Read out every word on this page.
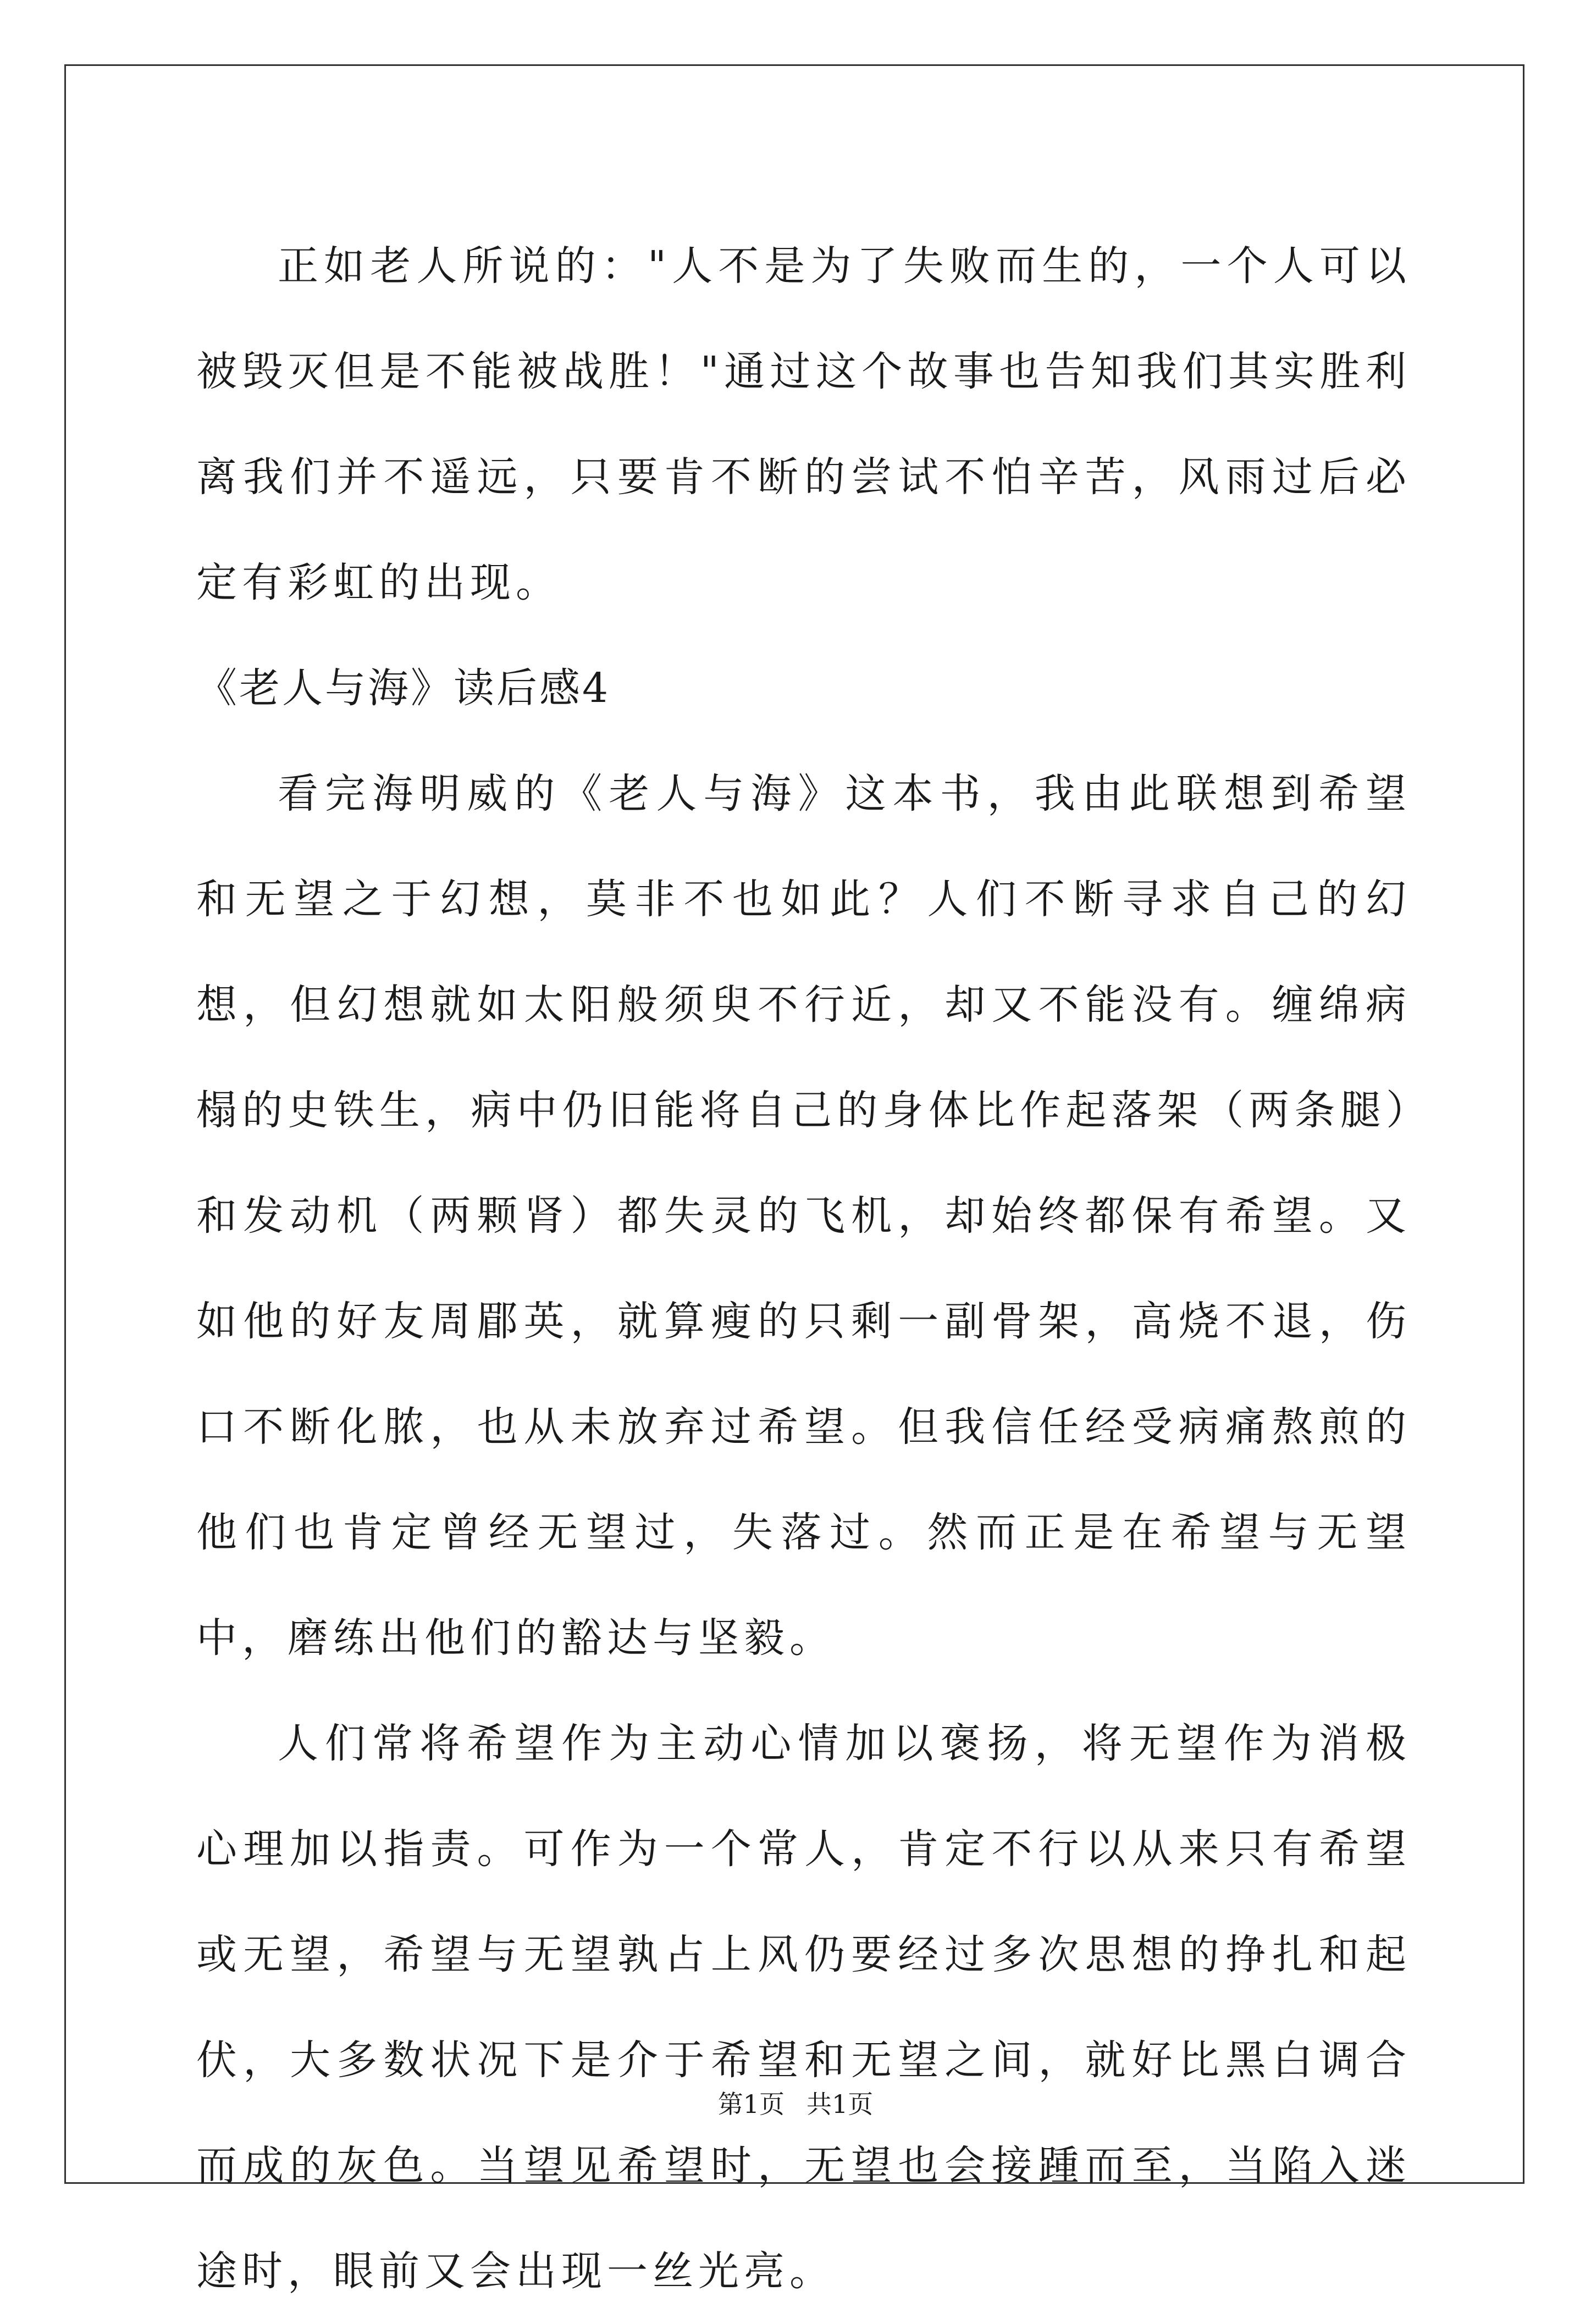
正如老人所说的："人不是为了失败而生的，一个人可以被毁灭但是不能被战胜！"通过这个故事也告知我们其实胜利离我们并不遥远，只要肯不断的尝试不怕辛苦，风雨过后必定有彩虹的出现。

《老人与海》读后感4

看完海明威的《老人与海》这本书，我由此联想到希望和无望之于幻想，莫非不也如此？人们不断寻求自己的幻想，但幻想就如太阳般须臾不行近，却又不能没有。缠绵病榻的史铁生，病中仍旧能将自己的身体比作起落架（两条腿）和发动机（两颗肾）都失灵的飞机，却始终都保有希望。又如他的好友周郿英，就算瘦的只剩一副骨架，高烧不退，伤口不断化脓，也从未放弃过希望。但我信任经受病痛熬煎的他们也肯定曾经无望过，失落过。然而正是在希望与无望中，磨练出他们的豁达与坚毅。

人们常将希望作为主动心情加以褒扬，将无望作为消极心理加以指责。可作为一个常人，肯定不行以从来只有希望或无望，希望与无望孰占上风仍要经过多次思想的挣扎和起伏，大多数状况下是介于希望和无望之间，就好比黑白调合而成的灰色。当望见希望时，无望也会接踵而至，当陷入迷途时，眼前又会出现一丝光亮。

第1页 共1页
